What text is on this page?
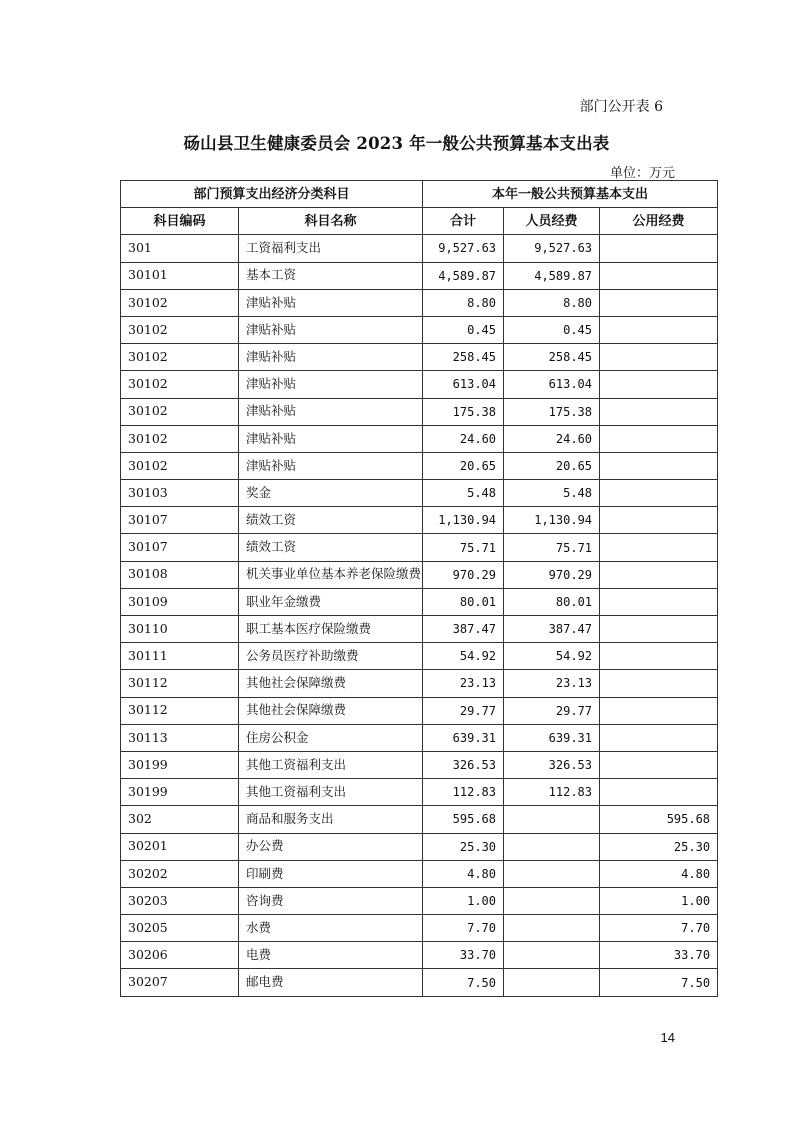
部门公开表 6
砀山县卫生健康委员会 2023 年一般公共预算基本支出表
单位：万元
部门预算支出经济分类科目		本年一般公共预算基本支出		
科目编码	科目名称	合计	人员经费	公用经费
301	工资福利支出	9,527.63	9,527.63	
30101	基本工资	4,589.87	4,589.87	
30102	津贴补贴	8.80	8.80	
30102	津贴补贴	0.45	0.45	
30102	津贴补贴	258.45	258.45	
30102	津贴补贴	613.04	613.04	
30102	津贴补贴	175.38	175.38	
30102	津贴补贴	24.60	24.60	
30102	津贴补贴	20.65	20.65	
30103	奖金	5.48	5.48	
30107	绩效工资	1,130.94	1,130.94	
30107	绩效工资	75.71	75.71	
30108	机关事业单位基本养老保险缴费	970.29	970.29	
30109	职业年金缴费	80.01	80.01	
30110	职工基本医疗保险缴费	387.47	387.47	
30111	公务员医疗补助缴费	54.92	54.92	
30112	其他社会保障缴费	23.13	23.13	
30112	其他社会保障缴费	29.77	29.77	
30113	住房公积金	639.31	639.31	
30199	其他工资福利支出	326.53	326.53	
30199	其他工资福利支出	112.83	112.83	
302	商品和服务支出	595.68		595.68
30201	办公费	25.30		25.30
30202	印刷费	4.80		4.80
30203	咨询费	1.00		1.00
30205	水费	7.70		7.70
30206	电费	33.70		33.70
30207	邮电费	7.50		7.50
14
